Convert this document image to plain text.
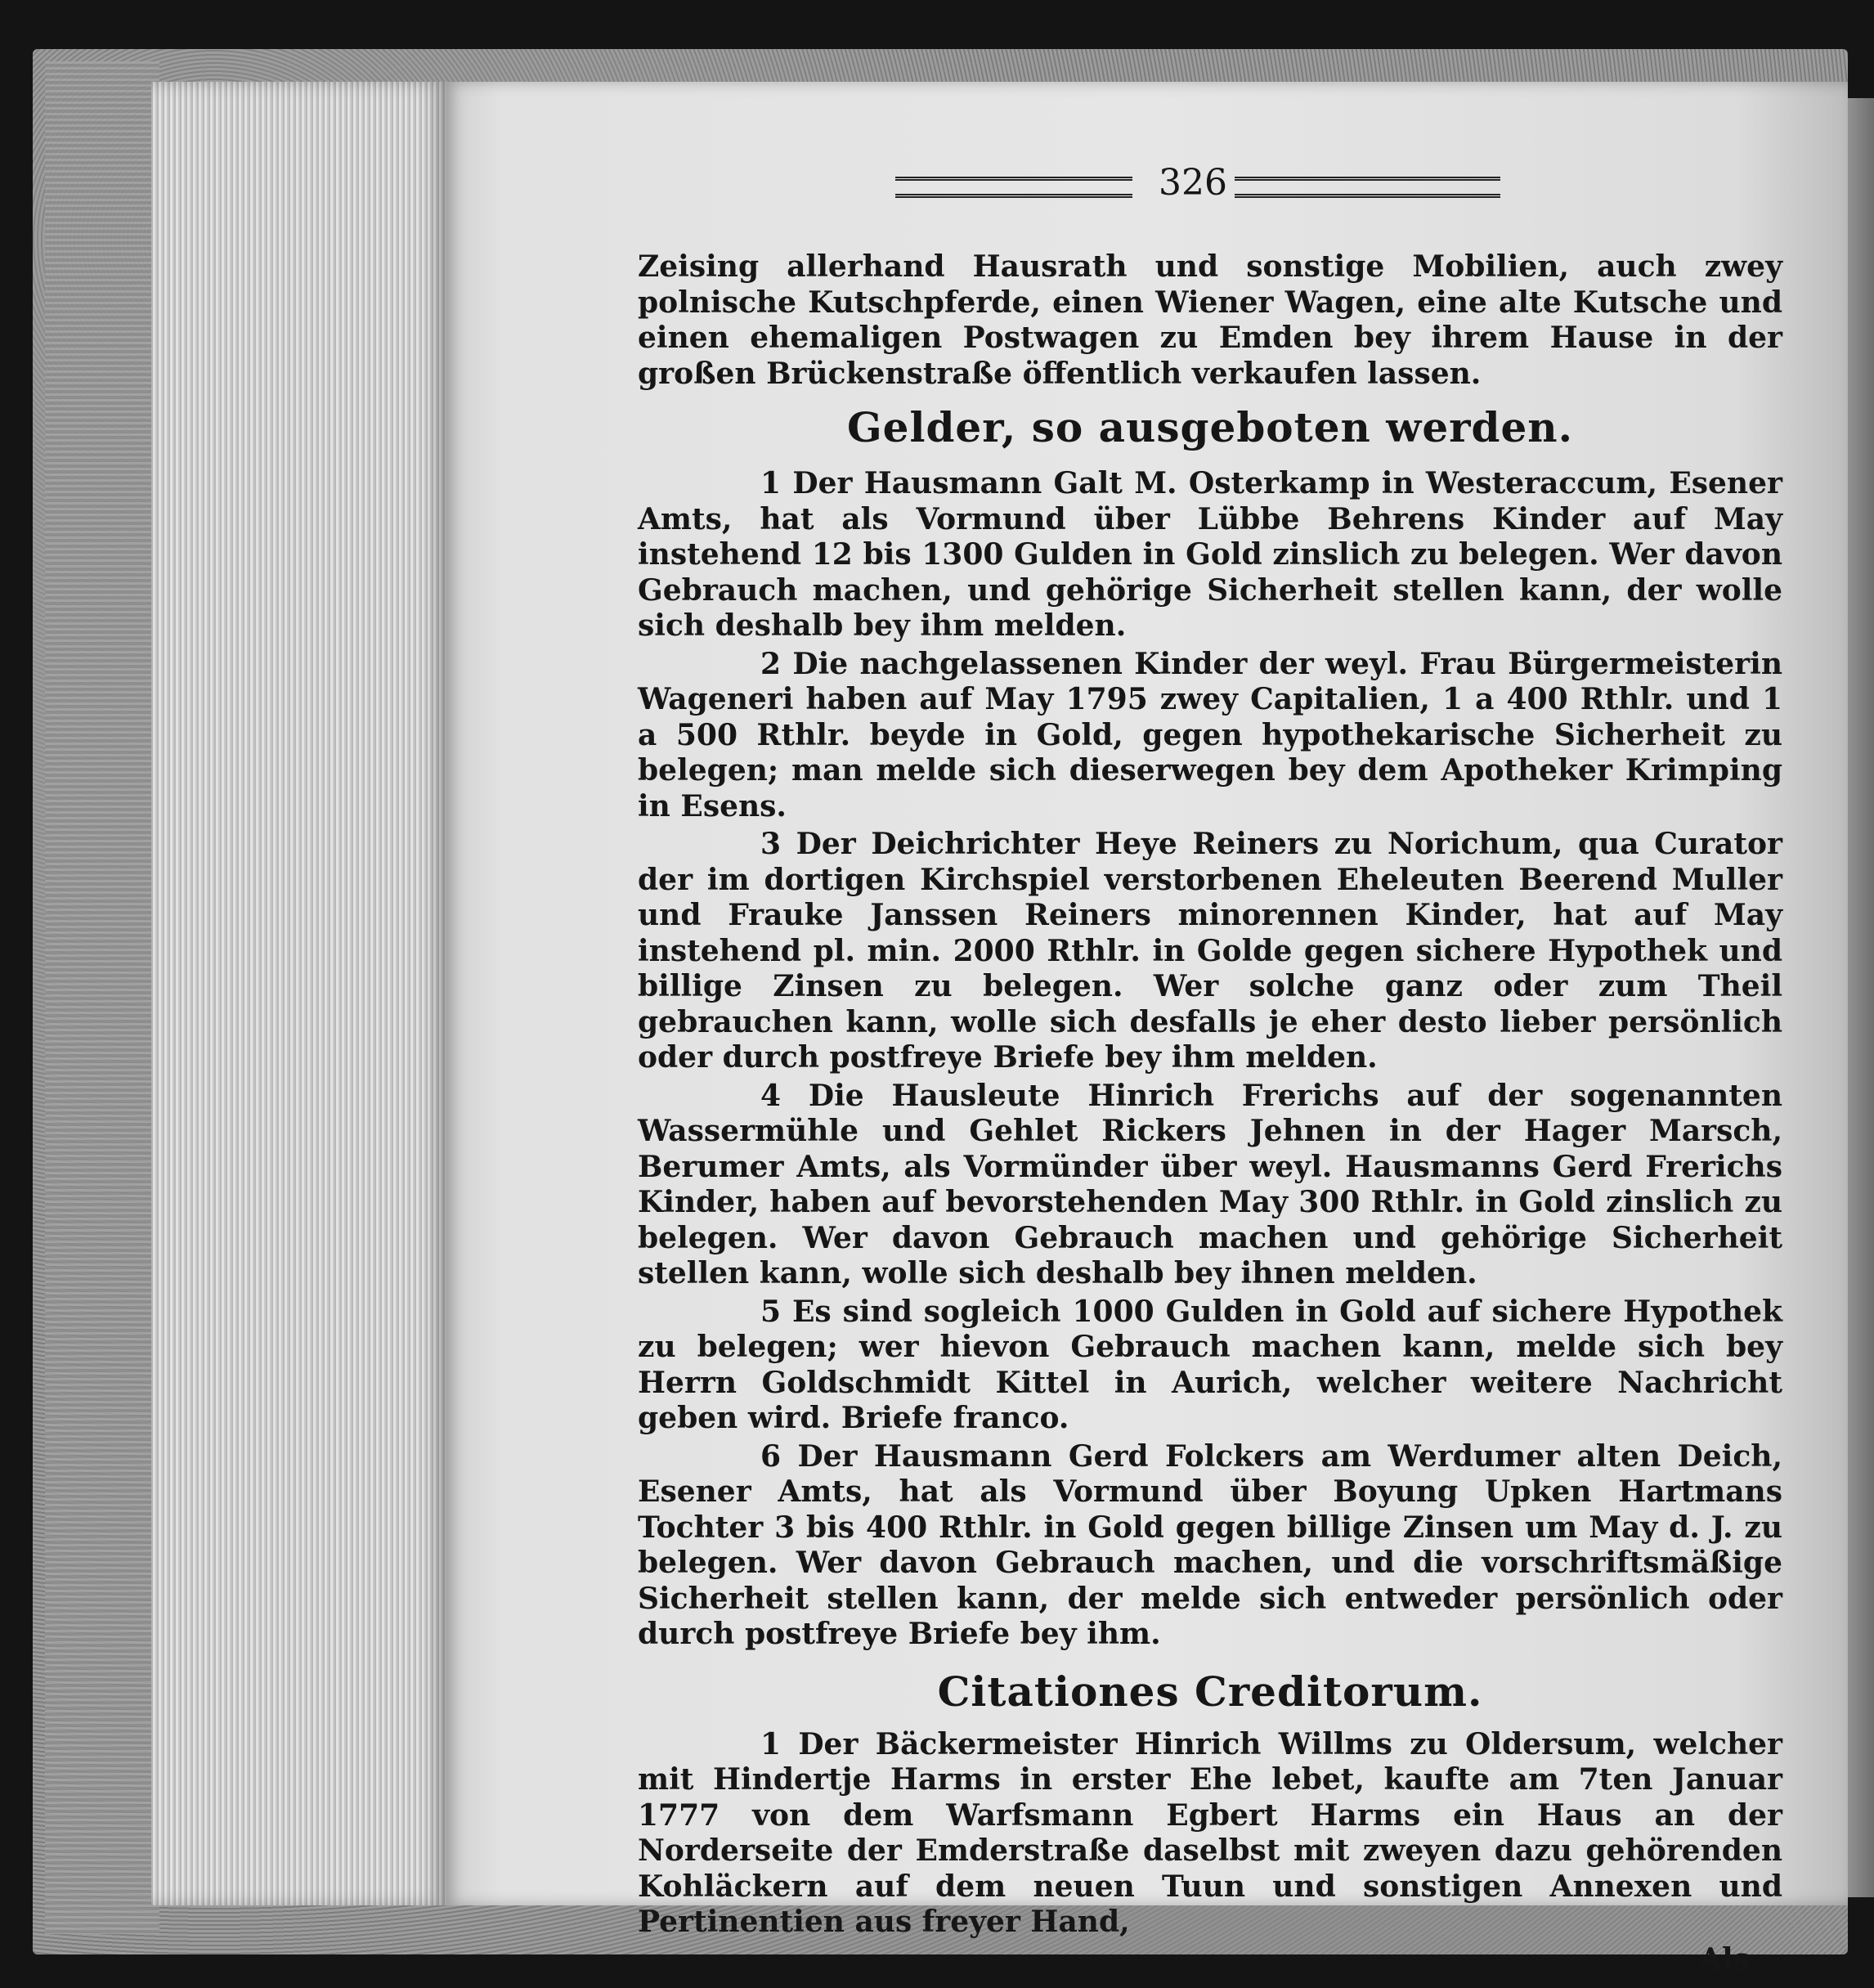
326

Zeising allerhand Hausrath und sonstige Mobilien, auch zwey polnische Kutschpferde, einen Wiener Wagen, eine alte Kutsche und einen ehemaligen Postwagen zu Emden bey ihrem Hause in der großen Brückenstraße öffentlich verkaufen lassen.

Gelder, so ausgeboten werden.

1 Der Hausmann Galt M. Osterkamp in Westeraccum, Esener Amts, hat als Vormund über Lübbe Behrens Kinder auf May instehend 12 bis 1300 Gulden in Gold zinslich zu belegen. Wer davon Gebrauch machen, und gehörige Sicherheit stellen kann, der wolle sich deshalb bey ihm melden.

2 Die nachgelassenen Kinder der weyl. Frau Bürgermeisterin Wageneri haben auf May 1795 zwey Capitalien, 1 a 400 Rthlr. und 1 a 500 Rthlr. beyde in Gold, gegen hypothekarische Sicherheit zu belegen; man melde sich dieserwegen bey dem Apotheker Krimping in Esens.

3 Der Deichrichter Heye Reiners zu Norichum, qua Curator der im dortigen Kirchspiel verstorbenen Eheleuten Beerend Muller und Frauke Janssen Reiners minorennen Kinder, hat auf May instehend pl. min. 2000 Rthlr. in Golde gegen sichere Hypothek und billige Zinsen zu belegen. Wer solche ganz oder zum Theil gebrauchen kann, wolle sich desfalls je eher desto lieber persönlich oder durch postfreye Briefe bey ihm melden.

4 Die Hausleute Hinrich Frerichs auf der sogenannten Wassermühle und Gehlet Rickers Jehnen in der Hager Marsch, Berumer Amts, als Vormünder über weyl. Hausmanns Gerd Frerichs Kinder, haben auf bevorstehenden May 300 Rthlr. in Gold zinslich zu belegen. Wer davon Gebrauch machen und gehörige Sicherheit stellen kann, wolle sich deshalb bey ihnen melden.

5 Es sind sogleich 1000 Gulden in Gold auf sichere Hypothek zu belegen; wer hievon Gebrauch machen kann, melde sich bey Herrn Goldschmidt Kittel in Aurich, welcher weitere Nachricht geben wird. Briefe franco.

6 Der Hausmann Gerd Folckers am Werdumer alten Deich, Esener Amts, hat als Vormund über Boyung Upken Hartmans Tochter 3 bis 400 Rthlr. in Gold gegen billige Zinsen um May d. J. zu belegen. Wer davon Gebrauch machen, und die vorschriftsmäßige Sicherheit stellen kann, der melde sich entweder persönlich oder durch postfreye Briefe bey ihm.

Citationes Creditorum.

1 Der Bäckermeister Hinrich Willms zu Oldersum, welcher mit Hindertje Harms in erster Ehe lebet, kaufte am 7ten Januar 1777 von dem Warfsmann Egbert Harms ein Haus an der Norderseite der Emderstraße daselbst mit zweyen dazu gehörenden Kohläckern auf dem neuen Tuun und sonstigen Annexen und Pertinentien aus freyer Hand,

Als
